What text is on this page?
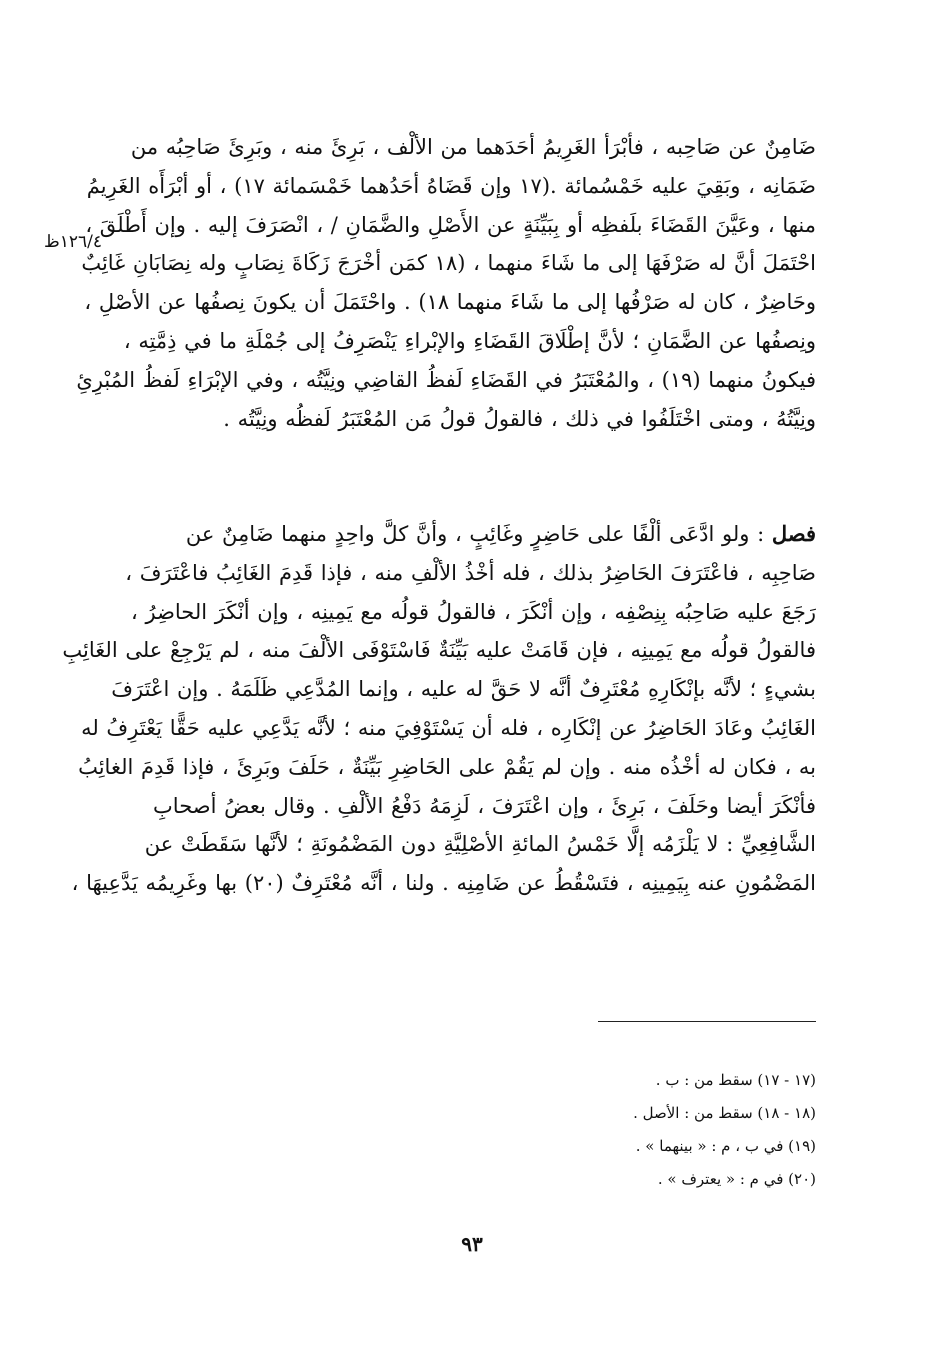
١٢٦/٤ظ
ضَامِنٌ عن صَاحِبه ، فأبْرَأ الغَرِيمُ أحَدَهما من الألْف ، بَرِئَ منه ، وبَرِئَ صَاحِبُه من
ضَمَانِه ، وبَقِيَ عليه خَمْسُمائة .(١٧ وإن قَضَاهُ أحَدُهما خَمْسَمائة ١٧) ، أو أبْرَأَه الغَرِيمُ
منها ، وعَيَّنَ القَضَاءَ بلَفظِه أو بِبَيِّنَةٍ عن الأَصْلِ والضَّمَانِ / ، انْصَرَفَ إليه . وإن أَطْلَقَ ،
احْتَمَلَ أنَّ له صَرْفَهَا إلى ما شَاءَ منهما ، (١٨ كمَن أخْرَجَ زَكَاةَ نِصَابٍ وله نِصَابَانِ غَائِبٌ
وحَاضِرٌ ، كان له صَرْفُها إلى ما شَاءَ منهما ١٨) . واحْتَمَلَ أن يكونَ نِصفُها عن الأصْلِ ،
ونِصفُها عن الضَّمَانِ ؛ لأنَّ إطْلَاقَ القَضَاءِ والإبْراءِ يَنْصَرِفُ إلى جُمْلَةِ ما في ذِمَّتِه ،
فيكونُ منهما (١٩) ، والمُعْتَبَرُ في القَضَاءِ لَفظُ القاضِي ونِيَّتُه ، وفي الإبْرَاءِ لَفظُ المُبْرِئِ
ونِيَّتُهُ ، ومتى اخْتَلَفُوا في ذلك ، فالقولُ قولُ مَن المُعْتَبَرُ لَفظُه ونِيَّتُه .
فصل : ولو ادَّعَى ألْفًا على حَاضِرٍ وغَائِبٍ ، وأنَّ كلَّ واحِدٍ منهما ضَامِنٌ عن
صَاحِبِه ، فاعْتَرَفَ الحَاضِرُ بذلك ، فله أخْذُ الألْفِ منه ، فإذا قَدِمَ الغَائِبُ فاعْتَرَفَ ،
رَجَعَ عليه صَاحِبُه بِنِصْفِه ، وإن أنْكَرَ ، فالقولُ قولُه مع يَمِينِه ، وإن أنْكَرَ الحاضِرُ ،
فالقولُ قولُه مع يَمِينِه ، فإن قَامَتْ عليه بَيِّنَةٌ فَاسْتَوْفَى الألْفَ منه ، لم يَرْجِعْ على الغَائِبِ
بشيءٍ ؛ لأنَّه بإنْكَارِهِ مُعْتَرِفٌ أنَّه لا حَقَّ له عليه ، وإنما المُدَّعِي ظَلَمَهُ . وإن اعْتَرَفَ
الغَائِبُ وعَادَ الحَاضِرُ عن إنْكَارِه ، فله أن يَسْتَوْفِيَ منه ؛ لأنَّه يَدَّعِي عليه حَقًّا يَعْتَرِفُ له
به ، فكان له أخْذُه منه . وإن لم يَقُمْ على الحَاضِرِ بَيِّنَةٌ ، حَلَفَ وبَرِئَ ، فإذا قَدِمَ الغائِبُ
فأنْكَرَ أيضا وحَلَفَ ، بَرِئَ ، وإن اعْتَرَفَ ، لَزِمَهُ دَفْعُ الألْفِ . وقال بعضُ أصحابِ
الشَّافِعِيِّ : لا يَلْزَمُه إلَّا خَمْسُ المائةِ الأصْلِيَّةِ دون المَضْمُونَةِ ؛ لأنَّها سَقَطَتْ عن
المَضْمُونِ عنه بِيَمِينِه ، فتَسْقُطُ عن ضَامِنِه . ولنا ، أنَّه مُعْتَرِفٌ (٢٠) بها وغَرِيمُه يَدَّعِيهَا ،
(١٧ - ١٧) سقط من : ب .
(١٨ - ١٨) سقط من : الأصل .
(١٩) في ب ، م : « بينهما » .
(٢٠) في م : « يعترف » .
٩٣
